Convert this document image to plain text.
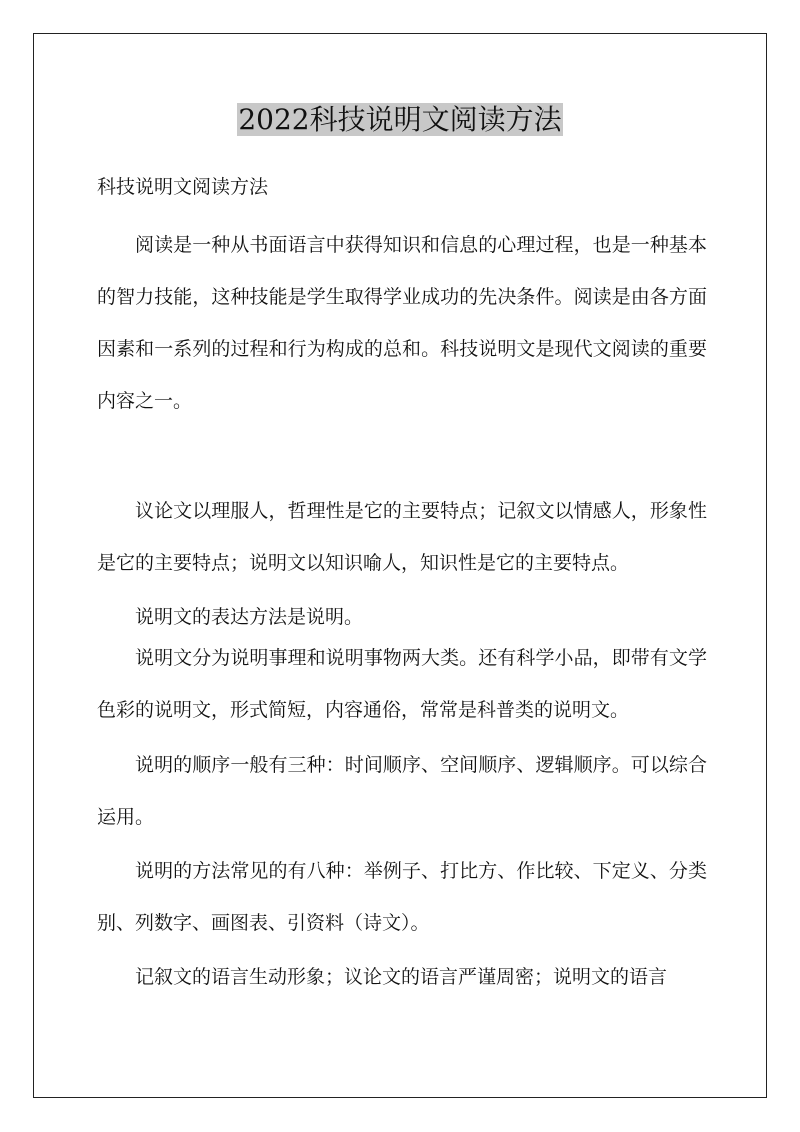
2022科技说明文阅读方法
科技说明文阅读方法

阅读是一种从书面语言中获得知识和信息的心理过程，也是一种基本的智力技能，这种技能是学生取得学业成功的先决条件。阅读是由各方面因素和一系列的过程和行为构成的总和。科技说明文是现代文阅读的重要内容之一。

议论文以理服人，哲理性是它的主要特点；记叙文以情感人，形象性是它的主要特点；说明文以知识喻人，知识性是它的主要特点。

说明文的表达方法是说明。

说明文分为说明事理和说明事物两大类。还有科学小品，即带有文学色彩的说明文，形式简短，内容通俗，常常是科普类的说明文。

说明的顺序一般有三种：时间顺序、空间顺序、逻辑顺序。可以综合运用。

说明的方法常见的有八种：举例子、打比方、作比较、下定义、分类别、列数字、画图表、引资料（诗文）。

记叙文的语言生动形象；议论文的语言严谨周密；说明文的语言
